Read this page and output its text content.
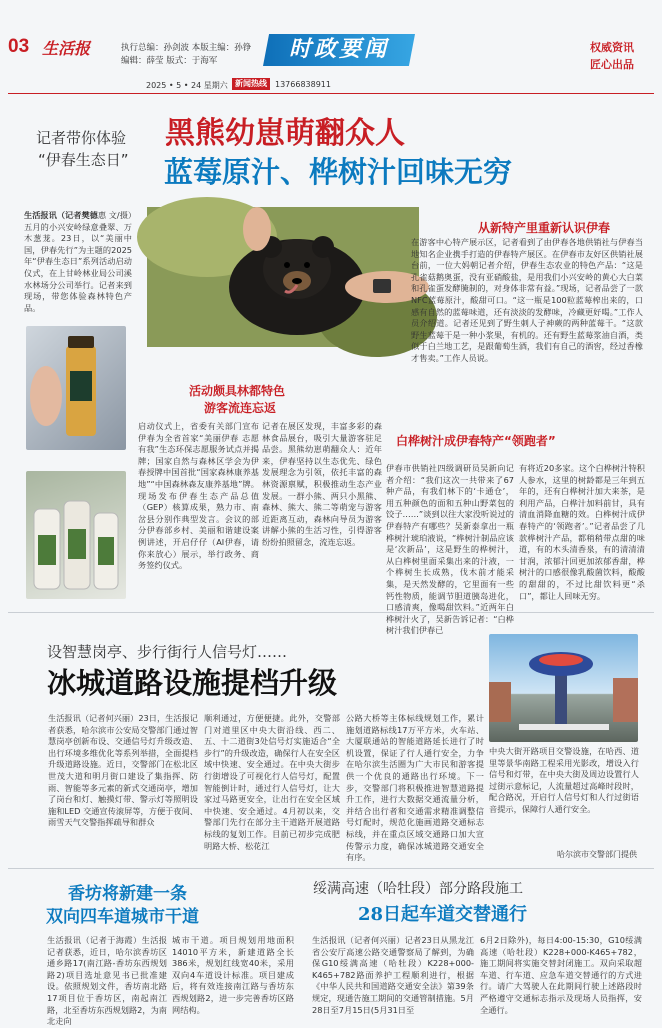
03 生活报	执行总编：孙剑波 本版主编：孙铮
编辑：薛莹 版式：于海军	时政要闻	权威资讯
匠心出品
2025 • 5 • 24 星期六 新闻热线	13766838911
记者带你体验
“伊春生态日”
黑熊幼崽萌翻众人
蓝莓原汁、桦树汁回味无穷
生活报讯（记者樊德惠 文/摄）五月的小兴安岭绿意叠翠、万木葱茏。23日，以“美丽中国，伊春先行”为主题的2025年“伊春生态日”系列活动启动仪式，在上甘岭林业局公司溪水林场分公司举行。记者来到现场，带您体验森林特色产品。
活动颇具林都特色
游客流连忘返
启动仪式上，省委有关部门宣布伊春为全省首家“美丽伊春 志愿有我”生态环保志愿服务试点并揭牌；国家自然与森林区学会为伊春授牌中国首批“国家森林康养基地”“中国森林森友康养基地”牌。现场发布伊春生态产品总值（GEP）核算成果，熟力市、南岔县分别作典型发言。会议的部分伊春部乡村、美丽和谐建设案例讲述，开启仔仔（AI伊春，请你来放心）展示，举行政务、商务签约仪式。
记者在展区发现，丰富多彩的森林食品展台，吸引大量游客驻足品尝。黑熊幼崽萌翻众人：近年来，伊春坚持以生态优先、绿色发展理念为引领，依托丰富的森林资源禀赋，积极推动生态产业发展。一群小熊、两只小黑熊、森林、熊大、熊二等萌宠与游客近距离互动，森林向导员为游客讲解小熊的生活习性，引得游客纷纷拍照留念，流连忘返。
从新特产里重新认识伊春
在游客中心特产展示区，记者看到了由伊春各地供销社与伊春当地知名企业携手打造的伊春特产展区。在伊春市友好区供销社展台前，一位大妈朝记者介绍，伊春生态农业的特色产品：“这是孔雀菇鹅奥蛋，没有亚硝酸盐，是用我们小兴安岭的黄心大白菜和孔雀蛋发酵腌制的，对身体非常有益。”现场，记者品尝了一款NFC蓝莓原汁，酸甜可口。“这一瓶是100粒蓝莓榨出来的，口感有自然的蓝莓味道，还有淡淡的发酵味，冷藏更好喝。”工作人员介绍道。记者还见到了野生刺人子神蕨的两种蓝莓干。“这款野生蓝莓干是一种小浆果，有机的。还有野生蓝莓浆油自酒，类似于白兰地工艺，是跟葡萄生酒，我们有自己的酒窖，经过香橡才售卖。”工作人员说。
白桦树汁成伊春特产“领跑者”
伊春市供销社四级调研员吴新向记者介绍：“我们这次一共带来了67种产品，有我们林下的‘卡通仓’，用五种颜色的面和五种山野菜包的饺子……”谈到以往大家没听说过的伊春特产有哪些？吴新泰拿出一瓶桦树汁琥珀液说，“桦树汁制品应该是‘次新品’，这是野生的桦树汁，从白桦树里面采集出来的汁液，一个桦树生长成熟，伐木前才能采集，是天然发酵的，它里面有一些钙性物质，能调节胆道胰岛进化，口感清爽，像喝甜饮料。”近两年白桦树汁火了，吴新告诉记者：“白桦树汁我们伊春已
有将近20多家。这个白桦树汁特积人参水，这里的树龄都是三年到五年的，还有白桦树汁加大来茶，是利用产品，白桦汁加料前甘，具有清血消降血糖的效。白桦树汁成伊春特产的‘领跑者’。”记者品尝了几款桦树汁产品，都稍稍带点甜的味道，有的木头清香泉，有的清清清甘润，浓郁汁回更加浓郁香甜，桦树汁的口感很像乳酸菌饮料，酸酸的甜甜的，不过比甜饮料更“杀口”，都让人回味无穷。
设智慧岗亭、步行街行人信号灯……
冰城道路设施提档升级
生活报讯（记者何兴丽）23日，生活报记者获悉，哈尔滨市公安局交警部门通过智慧岗亭创新布设、交通信号灯升级改造、出行环境多维优化等系列举措，全面提档升级道路设施。近日，交警部门在松北区世茂大道和明月街口建设了集指挥、防雨、智能等多元素的新式交通岗亭，增加了岗台和灯、触摸灯带、警示灯等照明设施和LED 交通宣传滚屏等，方便于夜间、雨雪天气交警指挥疏导和群众
顺利通过，方便便捷。此外，交警部门对道里区中央大街沿线、西二、五、十二道街3处信号灯实施适合“全步行”的升级改造，确保行人在安全区域中快速、安全通过。在中央大街步行街增设了可视化行人信号灯，配置智能倒计时，通过行人信号灯，让大家过马路更安全，让出行在安全区域中快速、安全通过。4月初以来，交警部门先行在部分主干道路开展道路标线的复划工作。目前已初步完成肥明路大桥、松花江
公路大桥等主体标线规划工作，累计施划道路标线17万平方米，火车站、大厦联通站的智能道路延长进行了时机设置，保证了行人通行安全，力争在哈尔滨生活圈为广大市民和游客提供一个优良的通路出行环境。下一步，交警部门将积极推进智慧道路提升工作，进行大数据交通流量分析，并结合出行者和交通需求精准调整信号灯配时，规范化施画道路交通标志标线，并在重点区域交通路口加大宣传警示力度，确保冰城道路交通安全有序。
中央大街开路项目交警设施，在哈西、道里等景华南路工程采用光影改，增设入行信号和灯带，在中央大街及周边设置行人过街示意标记，人流量超过高峰时段时，配合路况，开启行人信号灯和人行过街语音提示，保障行人通行安全。
哈尔滨市交警部门提供
香坊将新建一条
双向四车道城市干道
生活报讯（记者于海霞）生活报记者获悉，近日，哈尔滨香坊区通乡路17(南江路-香坊东西规划路2)项目选址意见书已批准建设。依照规划文件，香坊南北路17项目位于香坊区，南起南江路，北至香坊东西规划路2，为南北走向
城市干道。项目规划用地面积14010平方米，新建道路全长386米，规划红线宽40米，采用双向4车道设计标准。项目建成后，将有效连接南江路与香坊东西规划路2，进一步完善香坊区路网结构。
绥满高速（哈牡段）部分路段施工
28日起车道交替通行
生活报讯（记者何兴丽）记者23日从黑龙江省公安厅高速公路交通警察局了解到，为确保G10绥满高速（哈牡段）K228+000-K465+782路面养护工程顺利进行，根据《中华人民共和国道路交通安全法》第39条规定，现通告施工期间的交通管制措施。5月28日至7月15日(5月31日至
6月2日除外)，每日4:00-15:30，G10绥满高速（哈牡段）K228+000-K465+782，施工期间将实施交替封闭施工。双向采取超车道、行车道、应急车道交替通行的方式进行。请广大驾驶人在此期间行驶上述路段时严格遵守交通标志指示及现场人员指挥，安全通行。
